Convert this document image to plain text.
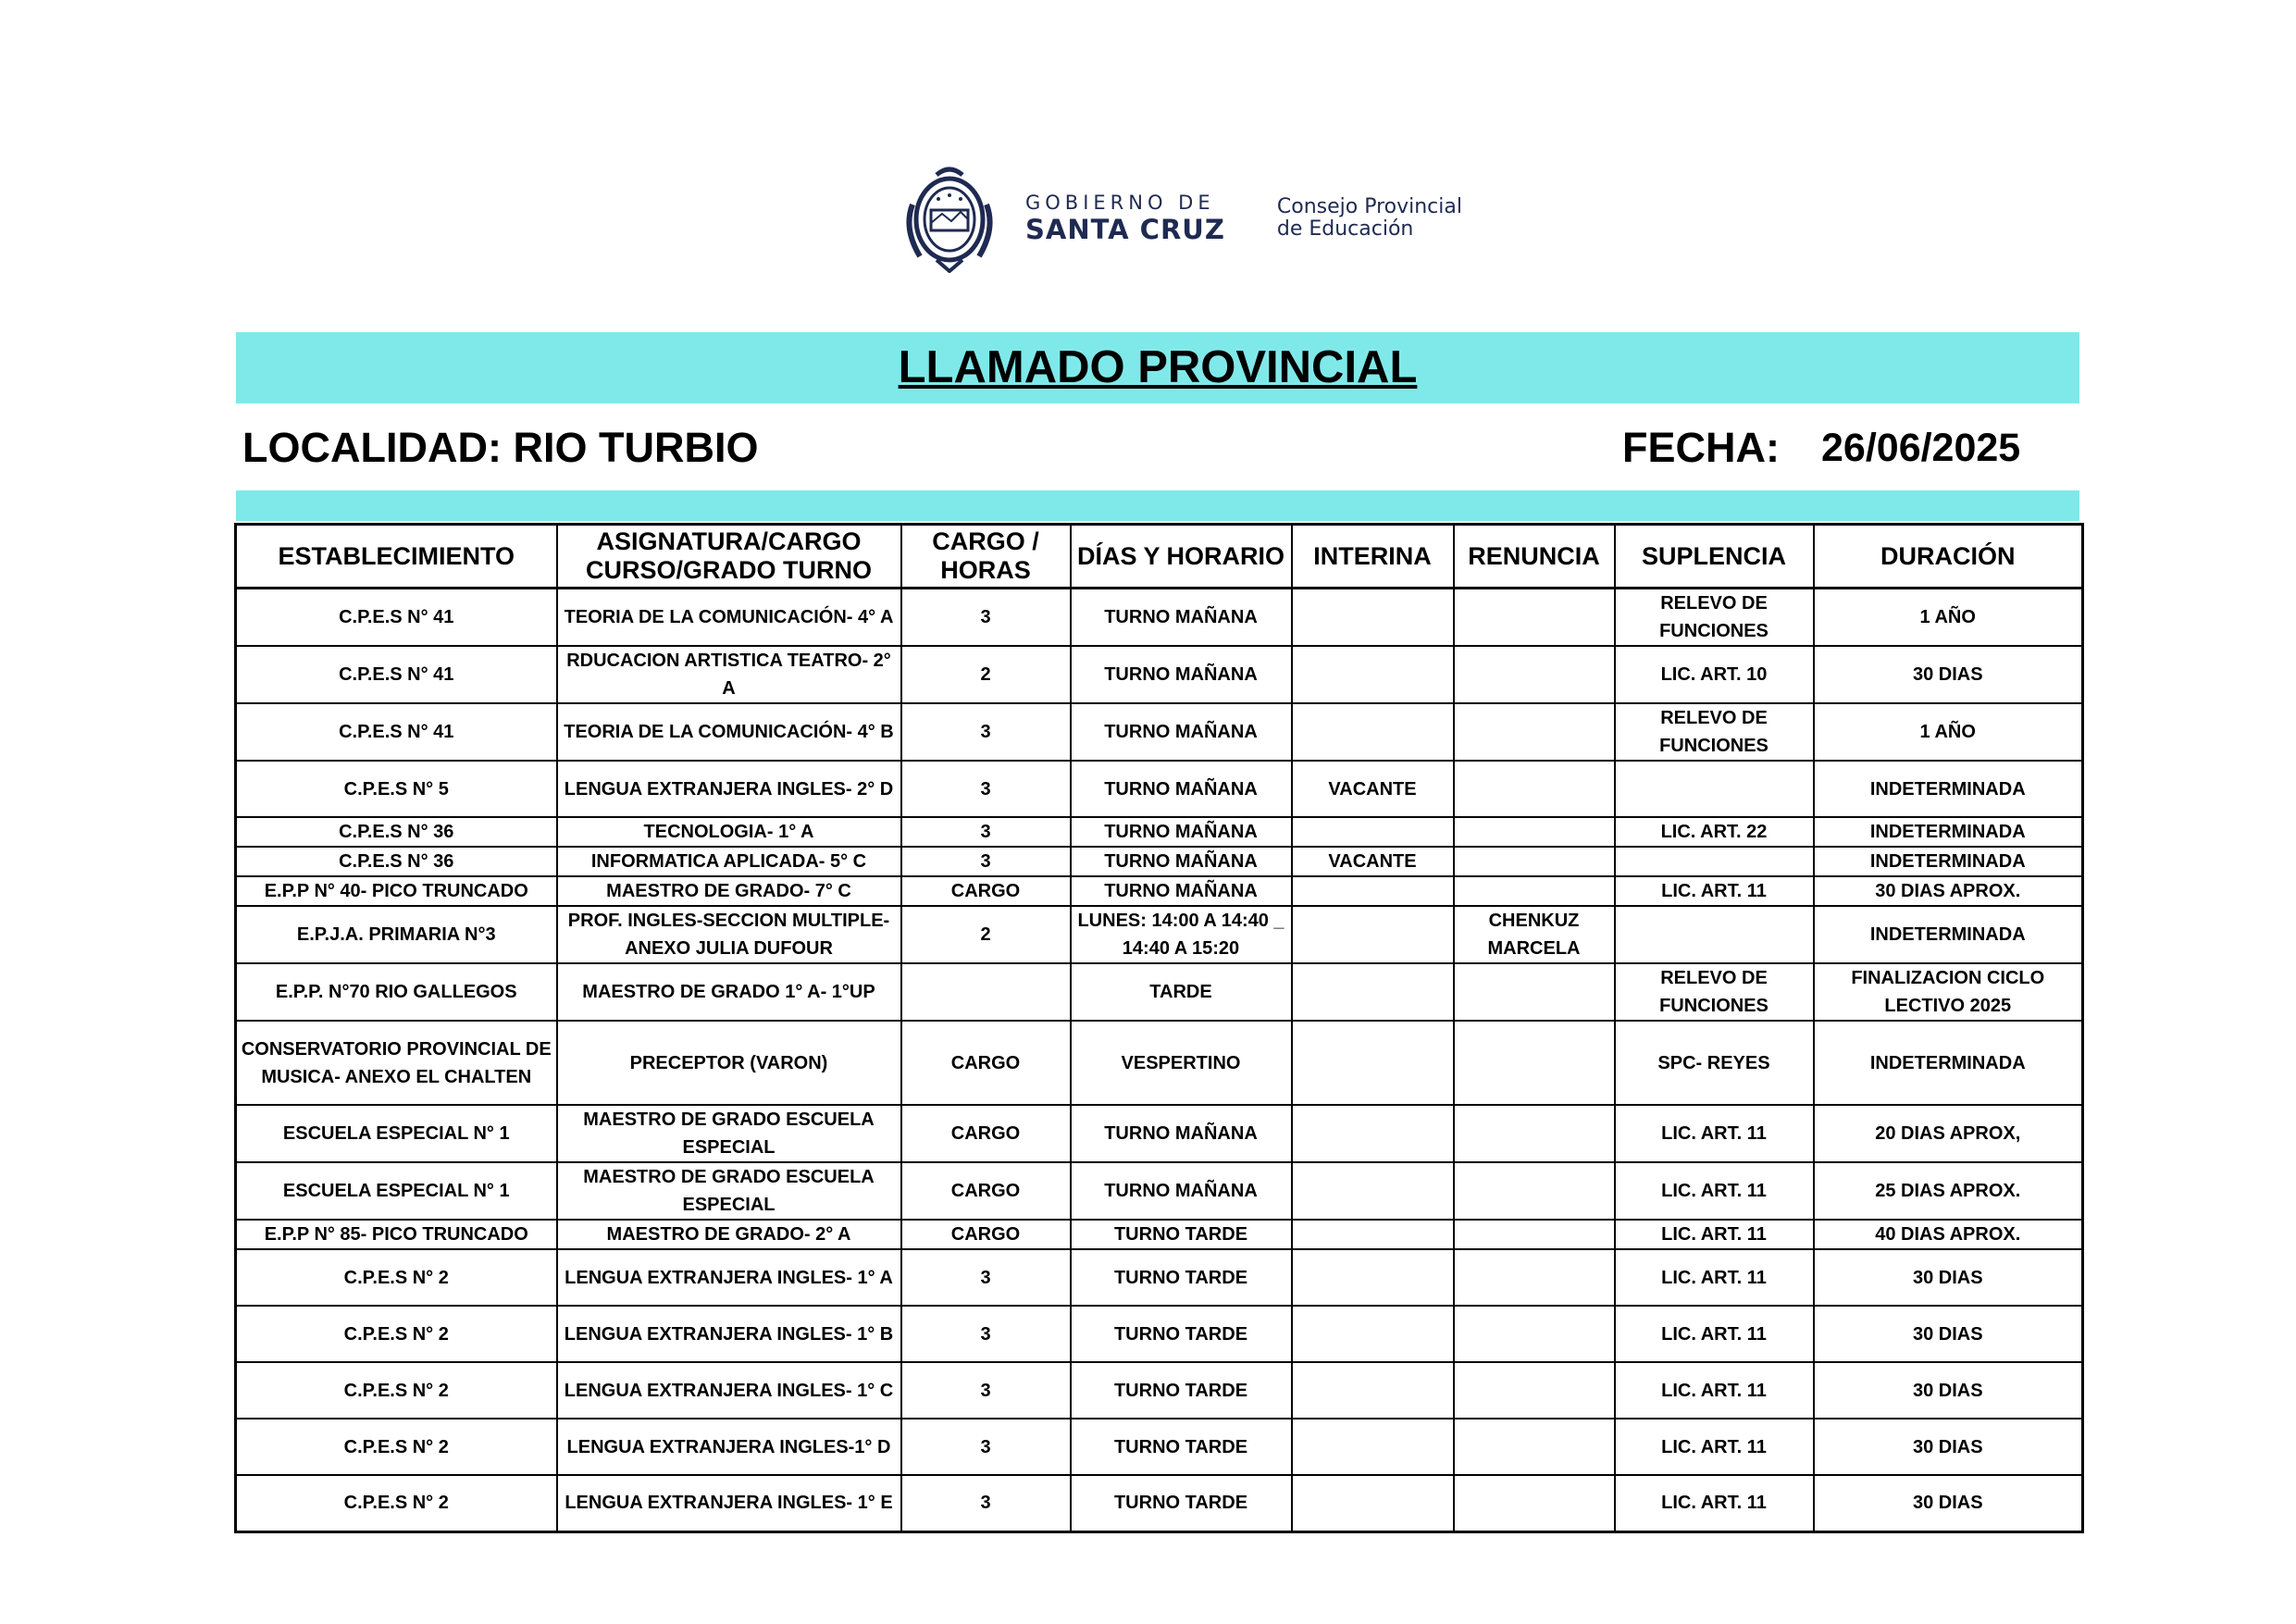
GOBIERNO DE
SANTA CRUZ
Consejo Provincial
de Educación
LLAMADO PROVINCIAL
LOCALIDAD: RIO TURBIO	FECHA: 26/06/2025
ESTABLECIMIENTO	ASIGNATURA/CARGO CURSO/GRADO TURNO	CARGO / HORAS	DÍAS Y HORARIO	INTERINA	RENUNCIA	SUPLENCIA	DURACIÓN
C.P.E.S N° 41	TEORIA DE LA COMUNICACIÓN- 4° A	3	TURNO MAÑANA			RELEVO DE FUNCIONES	1 AÑO
C.P.E.S N° 41	RDUCACION ARTISTICA TEATRO- 2° A	2	TURNO MAÑANA			LIC. ART. 10	30 DIAS
C.P.E.S N° 41	TEORIA DE LA COMUNICACIÓN- 4° B	3	TURNO MAÑANA			RELEVO DE FUNCIONES	1 AÑO
C.P.E.S N° 5	LENGUA EXTRANJERA INGLES- 2° D	3	TURNO MAÑANA	VACANTE			INDETERMINADA
C.P.E.S N° 36	TECNOLOGIA- 1° A	3	TURNO MAÑANA			LIC. ART. 22	INDETERMINADA
C.P.E.S N° 36	INFORMATICA APLICADA- 5° C	3	TURNO MAÑANA	VACANTE			INDETERMINADA
E.P.P N° 40- PICO TRUNCADO	MAESTRO DE GRADO- 7° C	CARGO	TURNO MAÑANA			LIC. ART. 11	30 DIAS APROX.
E.P.J.A. PRIMARIA N°3	PROF. INGLES-SECCION MULTIPLE- ANEXO JULIA DUFOUR	2	LUNES: 14:00 A 14:40 _ 14:40 A 15:20		CHENKUZ MARCELA		INDETERMINADA
E.P.P. N°70 RIO GALLEGOS	MAESTRO DE GRADO 1° A- 1°UP		TARDE			RELEVO DE FUNCIONES	FINALIZACION CICLO LECTIVO 2025
CONSERVATORIO PROVINCIAL DE MUSICA- ANEXO EL CHALTEN	PRECEPTOR (VARON)	CARGO	VESPERTINO			SPC- REYES	INDETERMINADA
ESCUELA ESPECIAL N° 1	MAESTRO DE GRADO ESCUELA ESPECIAL	CARGO	TURNO MAÑANA			LIC. ART. 11	20 DIAS APROX,
ESCUELA ESPECIAL N° 1	MAESTRO DE GRADO ESCUELA ESPECIAL	CARGO	TURNO MAÑANA			LIC. ART. 11	25 DIAS APROX.
E.P.P N° 85- PICO TRUNCADO	MAESTRO DE GRADO- 2° A	CARGO	TURNO TARDE			LIC. ART. 11	40 DIAS APROX.
C.P.E.S N° 2	LENGUA EXTRANJERA INGLES- 1° A	3	TURNO TARDE			LIC. ART. 11	30 DIAS
C.P.E.S N° 2	LENGUA EXTRANJERA INGLES- 1° B	3	TURNO TARDE			LIC. ART. 11	30 DIAS
C.P.E.S N° 2	LENGUA EXTRANJERA INGLES- 1° C	3	TURNO TARDE			LIC. ART. 11	30 DIAS
C.P.E.S N° 2	LENGUA EXTRANJERA INGLES-1° D	3	TURNO TARDE			LIC. ART. 11	30 DIAS
C.P.E.S N° 2	LENGUA EXTRANJERA INGLES- 1° E	3	TURNO TARDE			LIC. ART. 11	30 DIAS
